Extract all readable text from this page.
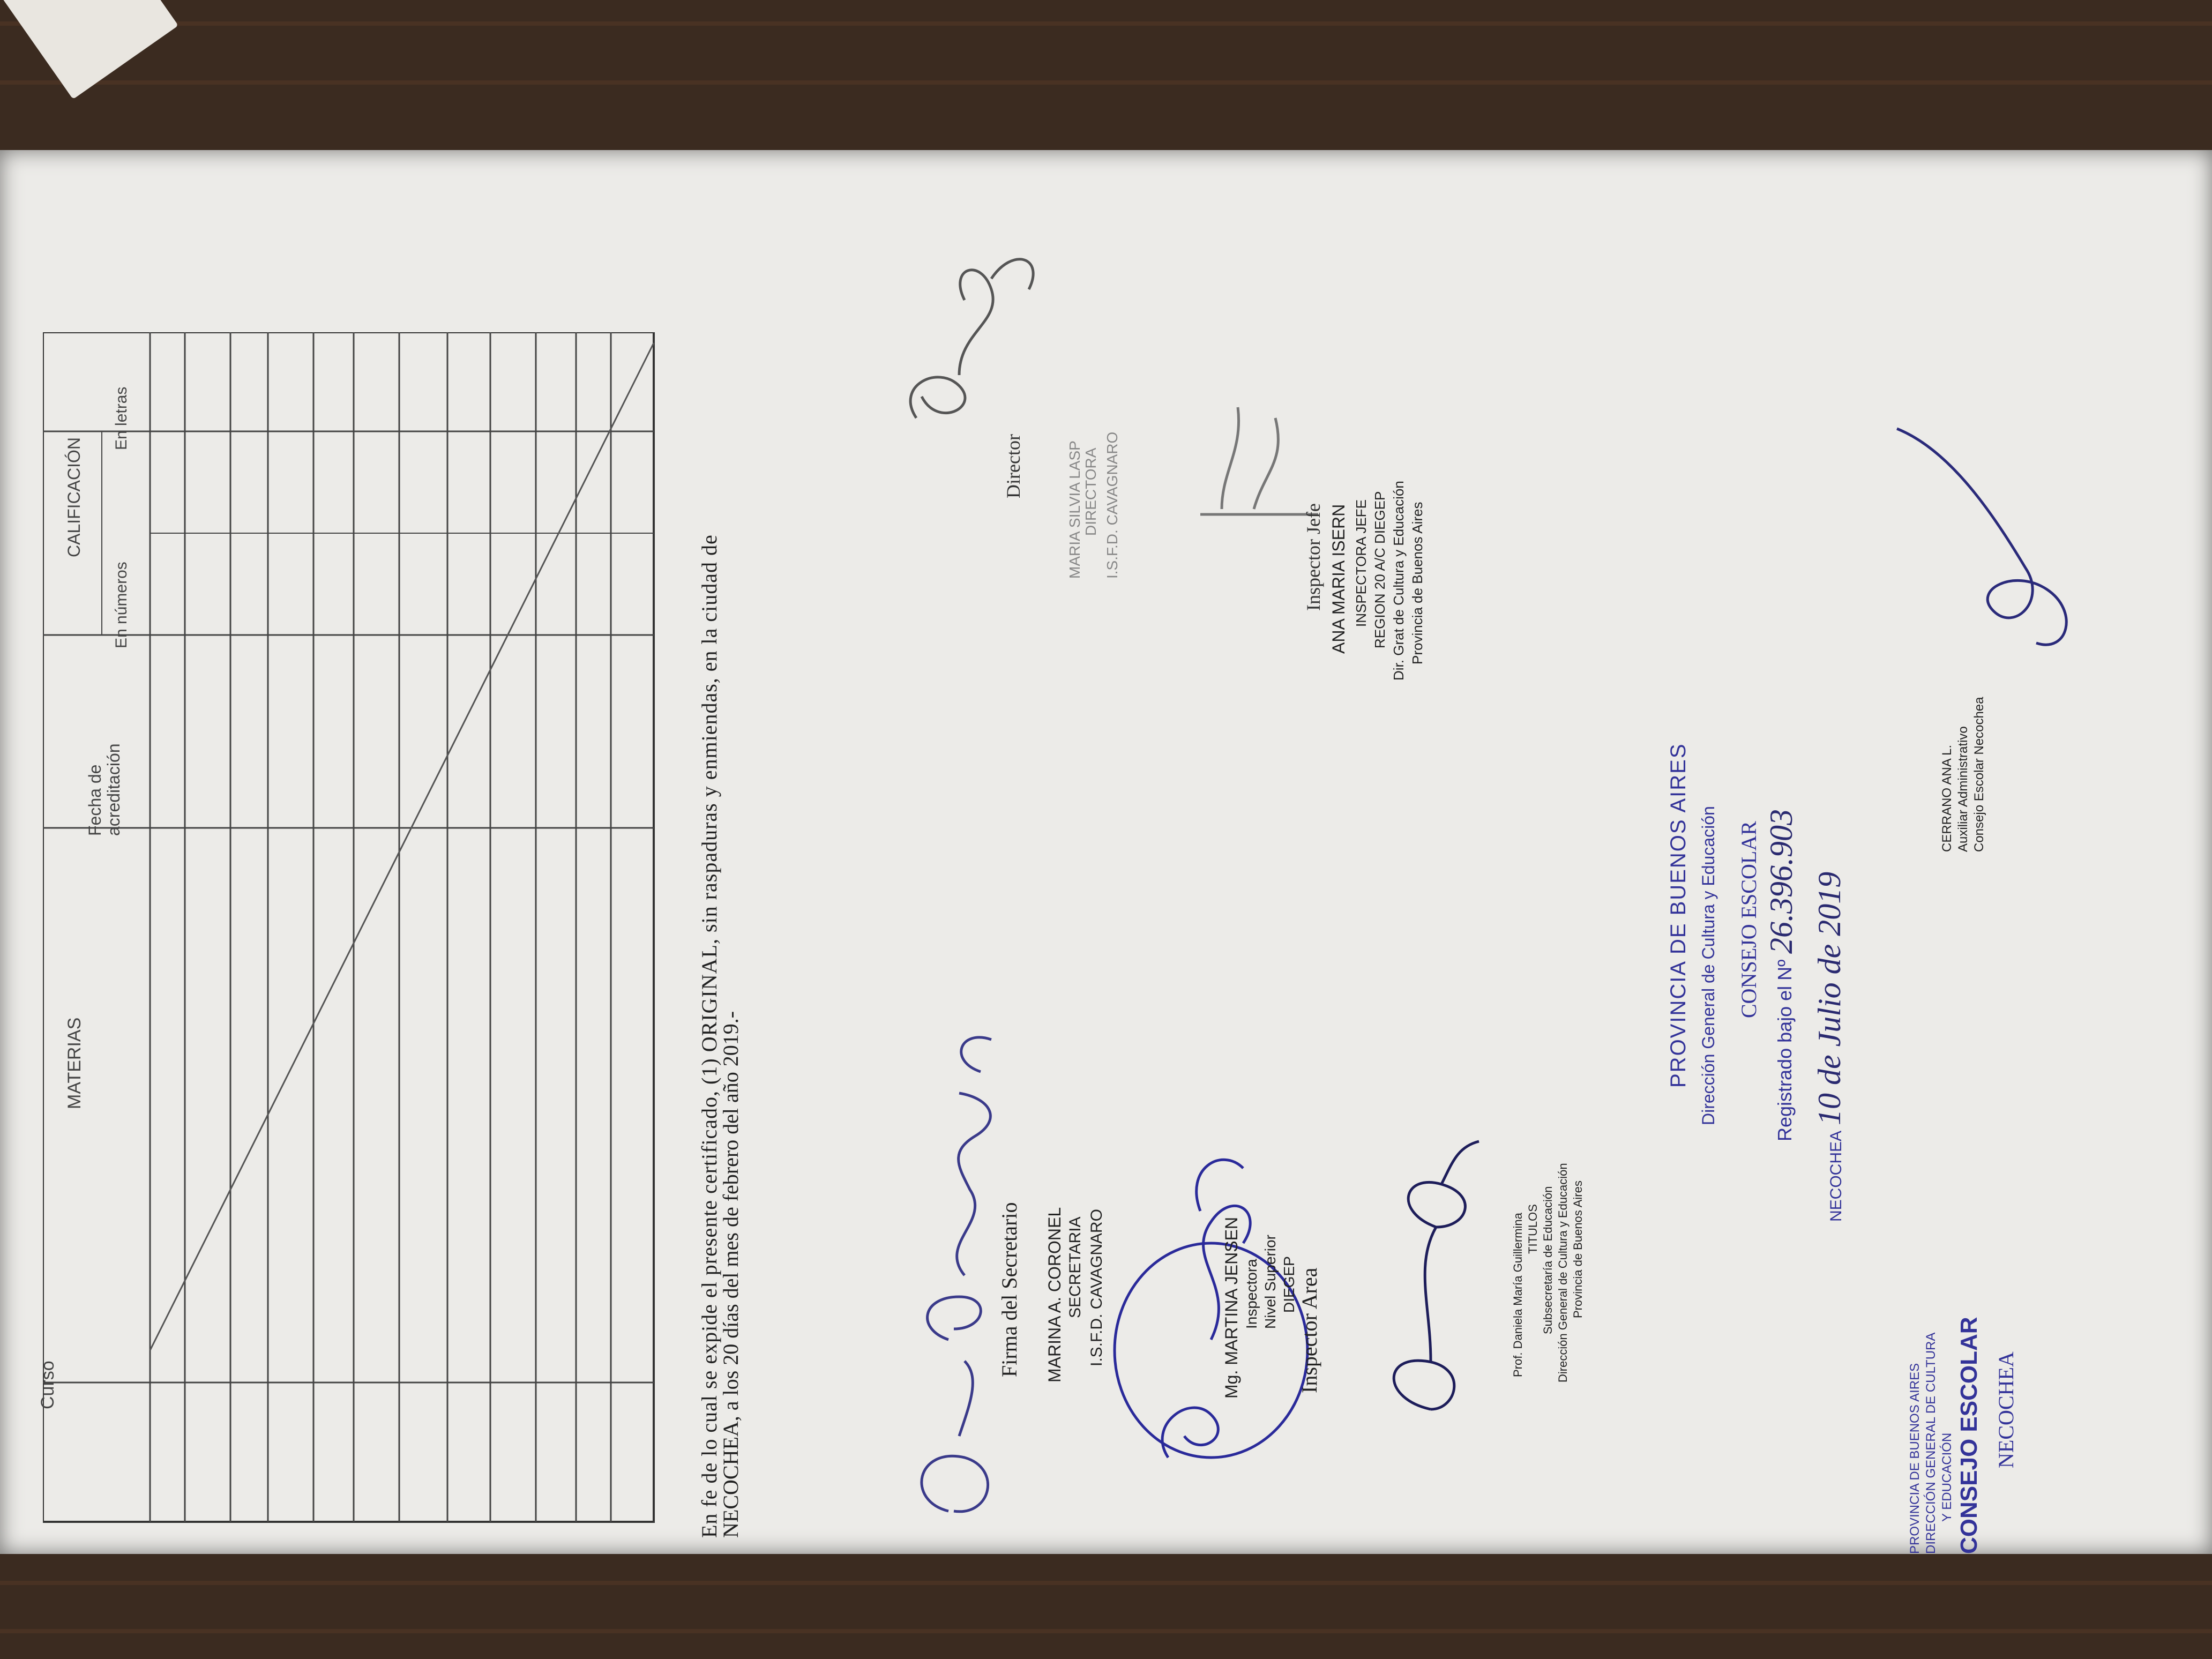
Curso
MATERIAS
Fecha de acreditación
CALIFICACIÓN
En números
En letras
En fe de lo cual se expide el presente certificado, (1) ORIGINAL, sin raspaduras y enmiendas, en la ciudad de
NECOCHEA, a los 20 días del mes de febrero del año 2019.-	Firma del Secretario MARINA A. CORONEL SECRETARIA I.S.F.D. CAVAGNARO
Director	MARIA SILVIA LASP DIRECTORA I.S.F.D. CAVAGNARO
Mg. MARTINA JENSEN Inspectora Nivel Superior DIEGEP Inspector Area
Inspector Jefe ANA MARIA ISERN INSPECTORA JEFE REGION 20 A/C DIEGEP Dir. Grat de Cultura y Educación Provincia de Buenos Aires
Prof. Daniela María Guillermina TITULOS Subsecretaría de Educación Dirección General de Cultura y Educación Provincia de Buenos Aires
PROVINCIA DE BUENOS AIRES Dirección General de Cultura y Educación CONSEJO ESCOLAR
Registrado bajo el Nº
26.396.903
NECOCHEA
10 de Julio de 2019
CERRANO ANA L. Auxiliar Administrativo Consejo Escolar Necochea
PROVINCIA DE BUENOS AIRES DIRECCIÓN GENERAL DE CULTURA Y EDUCACIÓN CONSEJO ESCOLAR NECOCHEA
